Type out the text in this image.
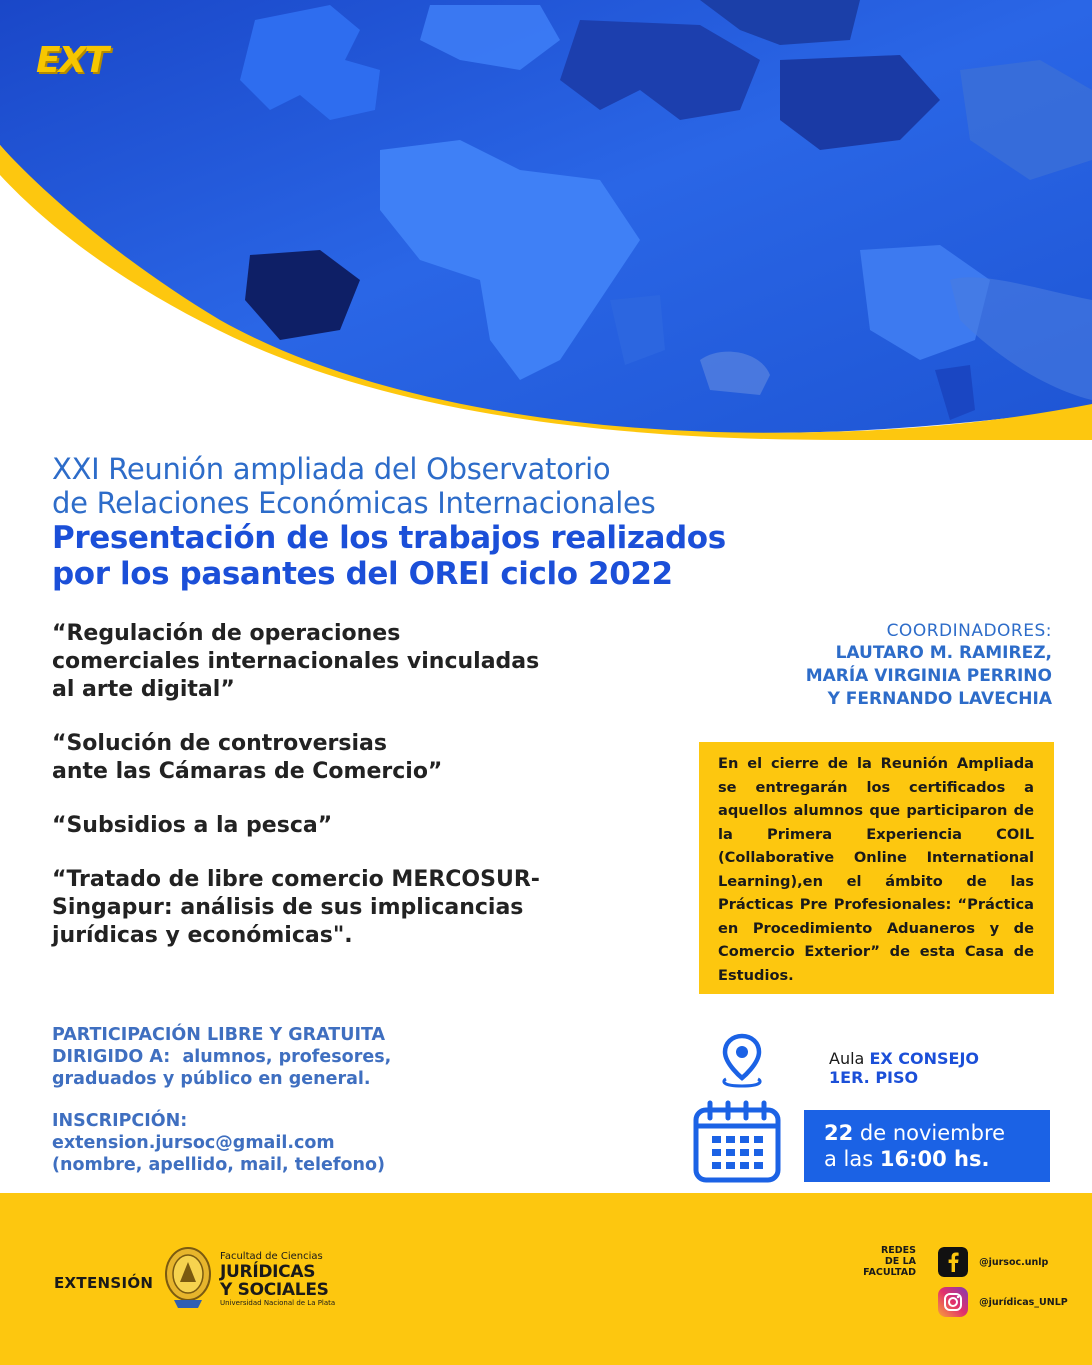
EXT
XXI Reunión ampliada del Observatorio
de Relaciones Económicas Internacionales
Presentación de los trabajos realizados
por los pasantes del OREI ciclo 2022
“Regulación de operaciones
comerciales internacionales vinculadas
al arte digital”
“Solución de controversias
ante las Cámaras de Comercio”
“Subsidios a la pesca”
“Tratado de libre comercio MERCOSUR-
Singapur: análisis de sus implicancias
jurídicas y económicas".
COORDINADORES:
LAUTARO M. RAMIREZ,
MARÍA VIRGINIA PERRINO
Y FERNANDO LAVECHIA
En el cierre de la Reunión Ampliada se entregarán los certificados a aquellos alumnos que participaron de la Primera Experiencia COIL (Collaborative Online International Learning),en el ámbito de las Prácticas Pre Profesionales: “Práctica en Procedimiento Aduaneros y de Comercio Exterior” de esta Casa de Estudios.
PARTICIPACIÓN LIBRE Y GRATUITA
DIRIGIDO A: alumnos, profesores,
graduados y público en general.
INSCRIPCIÓN:
extension.jursoc@gmail.com
(nombre, apellido, mail, telefono)
Aula EX CONSEJO
1ER. PISO
22 de noviembre
a las 16:00 hs.
EXTENSIÓN
Facultad de Ciencias
JURÍDICAS
Y SOCIALES
Universidad Nacional de La Plata
REDES
DE LA
FACULTAD
@jursoc.unlp
@jurídicas_UNLP
